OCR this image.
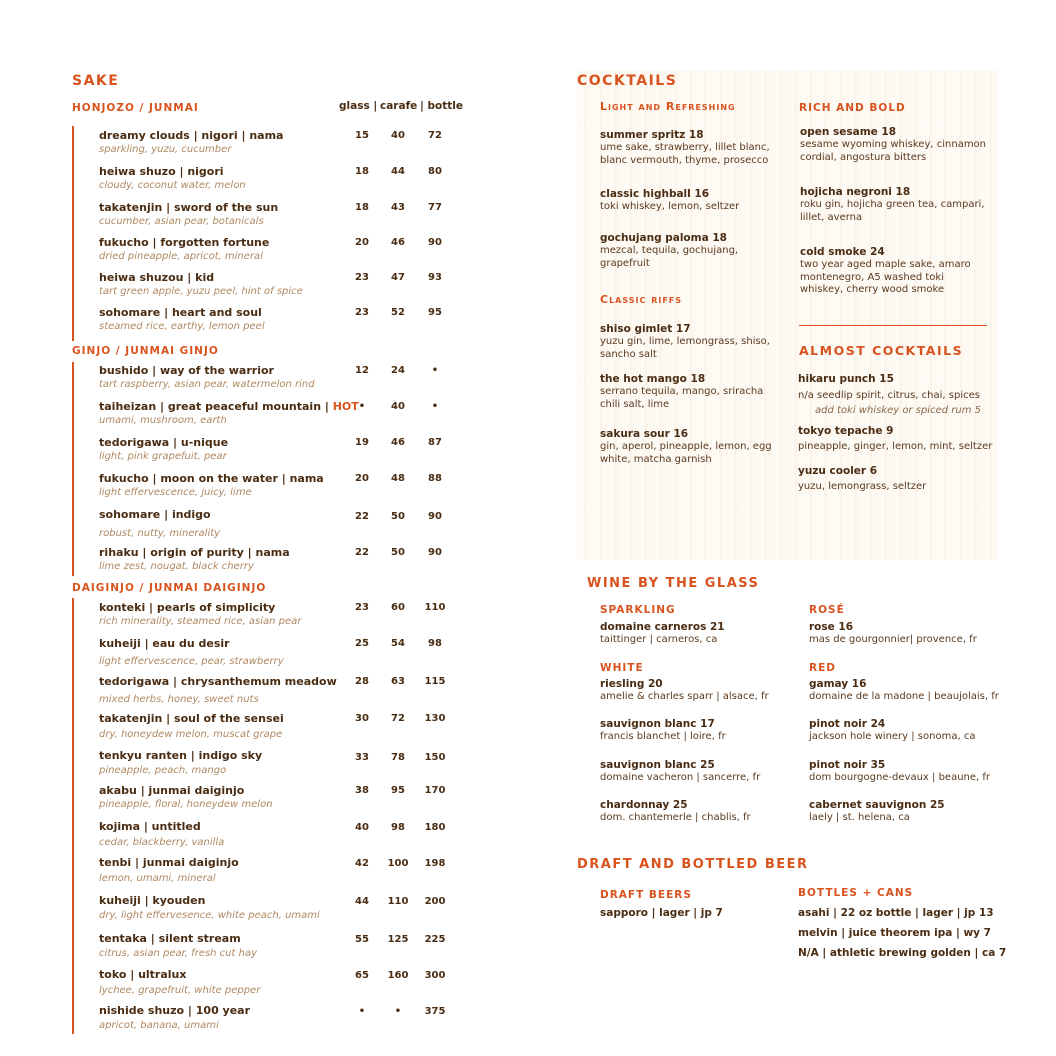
SAKE
HONJOZO / JUNMAI	glass | carafe | bottle
dreamy clouds | nigori | nama
sparkling, yuzu, cucumber
15	40	72
heiwa shuzo | nigori
cloudy, coconut water, melon
18	44	80
takatenjin | sword of the sun
cucumber, asian pear, botanicals
18	43	77
fukucho | forgotten fortune
dried pineapple, apricot, mineral
20	46	90
heiwa shuzou | kid
tart green apple, yuzu peel, hint of spice
23	47	93
sohomare | heart and soul
steamed rice, earthy, lemon peel
23	52	95
GINJO / JUNMAI GINJO
bushido | way of the warrior
tart raspberry, asian pear, watermelon rind
12	24	•
taiheizan | great peaceful mountain | HOT
umami, mushroom, earth
•	40	•
tedorigawa | u-nique
light, pink grapefuit, pear
19	46	87
fukucho | moon on the water | nama
light effervescence, juicy, lime
20	48	88
sohomare | indigo
robust, nutty, minerality
22	50	90
rihaku | origin of purity | nama
lime zest, nougat, black cherry
22	50	90
DAIGINJO / JUNMAI DAIGINJO
konteki | pearls of simplicity
rich minerality, steamed rice, asian pear
23	60	110
kuheiji | eau du desir
light effervescence, pear, strawberry
25	54	98
tedorigawa | chrysanthemum meadow
mixed herbs, honey, sweet nuts
28	63	115
takatenjin | soul of the sensei
dry, honeydew melon, muscat grape
30	72	130
tenkyu ranten | indigo sky
pineapple, peach, mango
33	78	150
akabu | junmai daiginjo
pineapple, floral, honeydew melon
38	95	170
kojima | untitled
cedar, blackberry, vanilla
40	98	180
tenbi | junmai daiginjo
lemon, umami, mineral
42	100	198
kuheiji | kyouden
dry, light effervesence, white peach, umami
44	110	200
tentaka | silent stream
citrus, asian pear, fresh cut hay
55	125	225
toko | ultralux
lychee, grapefruit, white pepper
65	160	300
nishide shuzo | 100 year
apricot, banana, umami
•	•	375
COCKTAILS
Light and Refreshing
summer spritz 18
ume sake, strawberry, lillet blanc, blanc vermouth, thyme, prosecco
classic highball 16
toki whiskey, lemon, seltzer
gochujang paloma 18
mezcal, tequila, gochujang, grapefruit
Classic riffs
shiso gimlet 17
yuzu gin, lime, lemongrass, shiso, sancho salt
the hot mango 18
serrano tequila, mango, sriracha chili salt, lime
sakura sour 16
gin, aperol, pineapple, lemon, egg white, matcha garnish
RICH AND BOLD
open sesame 18
sesame wyoming whiskey, cinnamon cordial, angostura bitters
hojicha negroni 18
roku gin, hojicha green tea, campari, lillet, averna
cold smoke 24
two year aged maple sake, amaro montenegro, A5 washed toki whiskey, cherry wood smoke
ALMOST COCKTAILS
hikaru punch 15
n/a seedlip spirit, citrus, chai, spices
add toki whiskey or spiced rum 5
tokyo tepache 9
pineapple, ginger, lemon, mint, seltzer
yuzu cooler 6
yuzu, lemongrass, seltzer
WINE BY THE GLASS
SPARKLING
domaine carneros 21
taittinger | carneros, ca
WHITE
riesling 20
amelie & charles sparr | alsace, fr
sauvignon blanc 17
francis blanchet | loire, fr
sauvignon blanc 25
domaine vacheron | sancerre, fr
chardonnay 25
dom. chantemerle | chablis, fr
ROSÉ
rose 16
mas de gourgonnier| provence, fr
RED
gamay 16
domaine de la madone | beaujolais, fr
pinot noir 24
jackson hole winery | sonoma, ca
pinot noir 35
dom bourgogne-devaux | beaune, fr
cabernet sauvignon 25
laely | st. helena, ca
DRAFT AND BOTTLED BEER
DRAFT BEERS
sapporo | lager | jp 7
BOTTLES + CANS
asahi | 22 oz bottle | lager | jp 13
melvin | juice theorem ipa | wy 7
N/A | athletic brewing golden | ca 7
